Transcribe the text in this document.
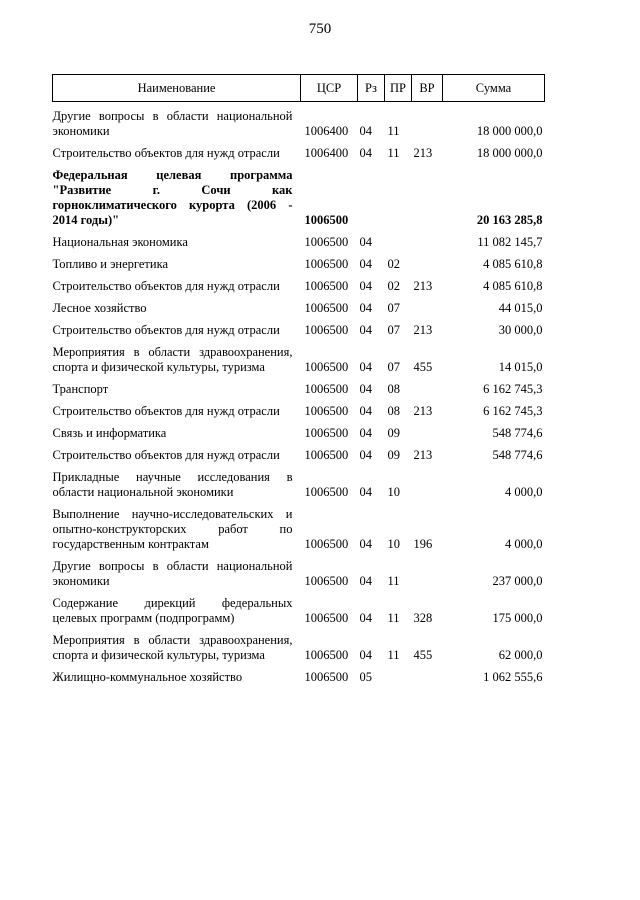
750
Наименование	ЦСР	Рз	ПР	ВР	Сумма
Другие вопросы в области национальной экономики	1006400	04	11		18 000 000,0
Строительство объектов для нужд отрасли	1006400	04	11	213	18 000 000,0
Федеральная целевая программа "Развитие г. Сочи как горноклиматического курорта (2006 - 2014 годы)"	1006500				20 163 285,8
Национальная экономика	1006500	04			11 082 145,7
Топливо и энергетика	1006500	04	02		4 085 610,8
Строительство объектов для нужд отрасли	1006500	04	02	213	4 085 610,8
Лесное хозяйство	1006500	04	07		44 015,0
Строительство объектов для нужд отрасли	1006500	04	07	213	30 000,0
Мероприятия в области здравоохранения, спорта и физической культуры, туризма	1006500	04	07	455	14 015,0
Транспорт	1006500	04	08		6 162 745,3
Строительство объектов для нужд отрасли	1006500	04	08	213	6 162 745,3
Связь и информатика	1006500	04	09		548 774,6
Строительство объектов для нужд отрасли	1006500	04	09	213	548 774,6
Прикладные научные исследования в области национальной экономики	1006500	04	10		4 000,0
Выполнение научно-исследовательских и опытно-конструкторских работ по государственным контрактам	1006500	04	10	196	4 000,0
Другие вопросы в области национальной экономики	1006500	04	11		237 000,0
Содержание дирекций федеральных целевых программ (подпрограмм)	1006500	04	11	328	175 000,0
Мероприятия в области здравоохранения, спорта и физической культуры, туризма	1006500	04	11	455	62 000,0
Жилищно-коммунальное хозяйство	1006500	05			1 062 555,6
